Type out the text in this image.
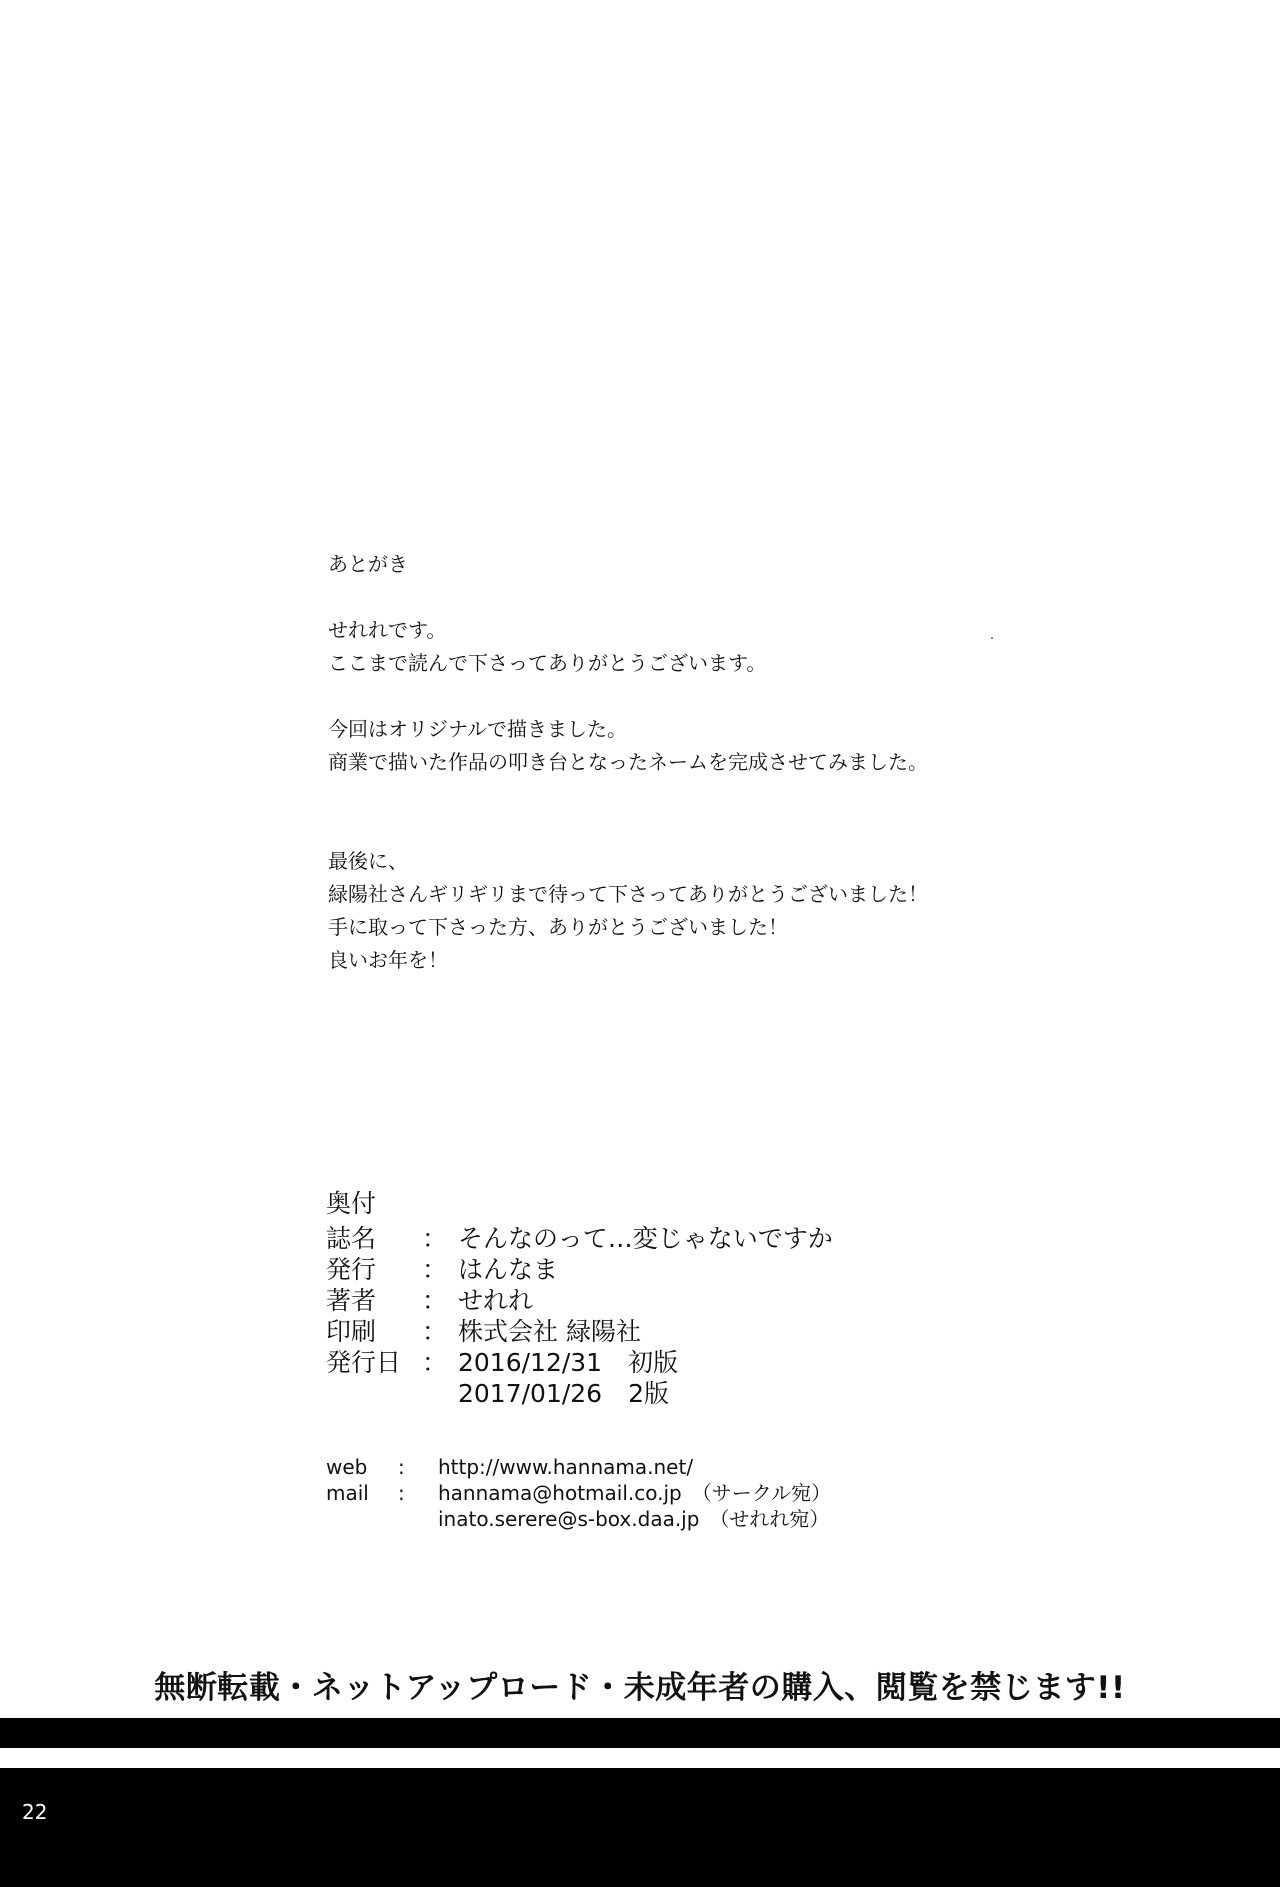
あとがき

せれれです。

ここまで読んで下さってありがとうございます。

今回はオリジナルで描きました。

商業で描いた作品の叩き台となったネームを完成させてみました。

最後に、

緑陽社さんギリギリまで待って下さってありがとうございました！

手に取って下さった方、ありがとうございました！

良いお年を！

奥付

誌名	： そんなのって…変じゃないですか
発行	： はんなま
著者	： せれれ
印刷	： 株式会社 緑陽社
発行日 ： 2016/12/31 初版
2017/01/26 2版
web	:	http://www.hannama.net/
mail	:	hannama@hotmail.co.jp （サークル宛）
inato.serere@s-box.daa.jp （せれれ宛）
無断転載・ネットアップロード・未成年者の購入、閲覧を禁じます!!
22
